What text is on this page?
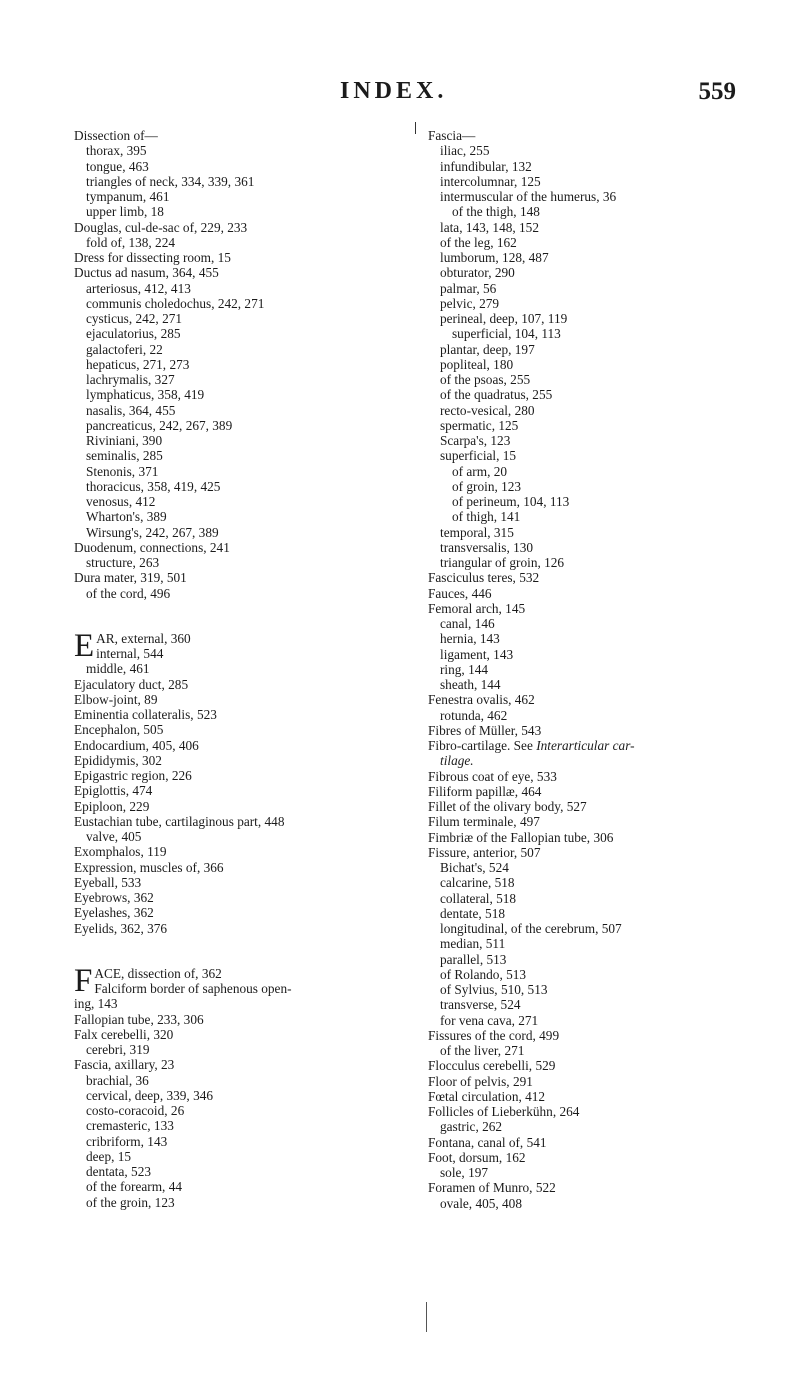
INDEX.	559
Dissection of—
thorax, 395
tongue, 463
triangles of neck, 334, 339, 361
tympanum, 461
upper limb, 18
Douglas, cul-de-sac of, 229, 233
fold of, 138, 224
Dress for dissecting room, 15
Ductus ad nasum, 364, 455
arteriosus, 412, 413
communis choledochus, 242, 271
cysticus, 242, 271
ejaculatorius, 285
galactoferi, 22
hepaticus, 271, 273
lachrymalis, 327
lymphaticus, 358, 419
nasalis, 364, 455
pancreaticus, 242, 267, 389
Riviniani, 390
seminalis, 285
Stenonis, 371
thoracicus, 358, 419, 425
venosus, 412
Wharton's, 389
Wirsung's, 242, 267, 389
Duodenum, connections, 241
structure, 263
Dura mater, 319, 501
of the cord, 496
EAR, external, 360
internal, 544
middle, 461
Ejaculatory duct, 285
Elbow-joint, 89
Eminentia collateralis, 523
Encephalon, 505
Endocardium, 405, 406
Epididymis, 302
Epigastric region, 226
Epiglottis, 474
Epiploon, 229
Eustachian tube, cartilaginous part, 448
valve, 405
Exomphalos, 119
Expression, muscles of, 366
Eyeball, 533
Eyebrows, 362
Eyelashes, 362
Eyelids, 362, 376
FACE, dissection of, 362
Falciform border of saphenous open-
ing, 143
Fallopian tube, 233, 306
Falx cerebelli, 320
cerebri, 319
Fascia, axillary, 23
brachial, 36
cervical, deep, 339, 346
costo-coracoid, 26
cremasteric, 133
cribriform, 143
deep, 15
dentata, 523
of the forearm, 44
of the groin, 123
Fascia—
iliac, 255
infundibular, 132
intercolumnar, 125
intermuscular of the humerus, 36
of the thigh, 148
lata, 143, 148, 152
of the leg, 162
lumborum, 128, 487
obturator, 290
palmar, 56
pelvic, 279
perineal, deep, 107, 119
superficial, 104, 113
plantar, deep, 197
popliteal, 180
of the psoas, 255
of the quadratus, 255
recto-vesical, 280
spermatic, 125
Scarpa's, 123
superficial, 15
of arm, 20
of groin, 123
of perineum, 104, 113
of thigh, 141
temporal, 315
transversalis, 130
triangular of groin, 126
Fasciculus teres, 532
Fauces, 446
Femoral arch, 145
canal, 146
hernia, 143
ligament, 143
ring, 144
sheath, 144
Fenestra ovalis, 462
rotunda, 462
Fibres of Müller, 543
Fibro-cartilage. See Interarticular car-
tilage.
Fibrous coat of eye, 533
Filiform papillæ, 464
Fillet of the olivary body, 527
Filum terminale, 497
Fimbriæ of the Fallopian tube, 306
Fissure, anterior, 507
Bichat's, 524
calcarine, 518
collateral, 518
dentate, 518
longitudinal, of the cerebrum, 507
median, 511
parallel, 513
of Rolando, 513
of Sylvius, 510, 513
transverse, 524
for vena cava, 271
Fissures of the cord, 499
of the liver, 271
Flocculus cerebelli, 529
Floor of pelvis, 291
Fœtal circulation, 412
Follicles of Lieberkühn, 264
gastric, 262
Fontana, canal of, 541
Foot, dorsum, 162
sole, 197
Foramen of Munro, 522
ovale, 405, 408
